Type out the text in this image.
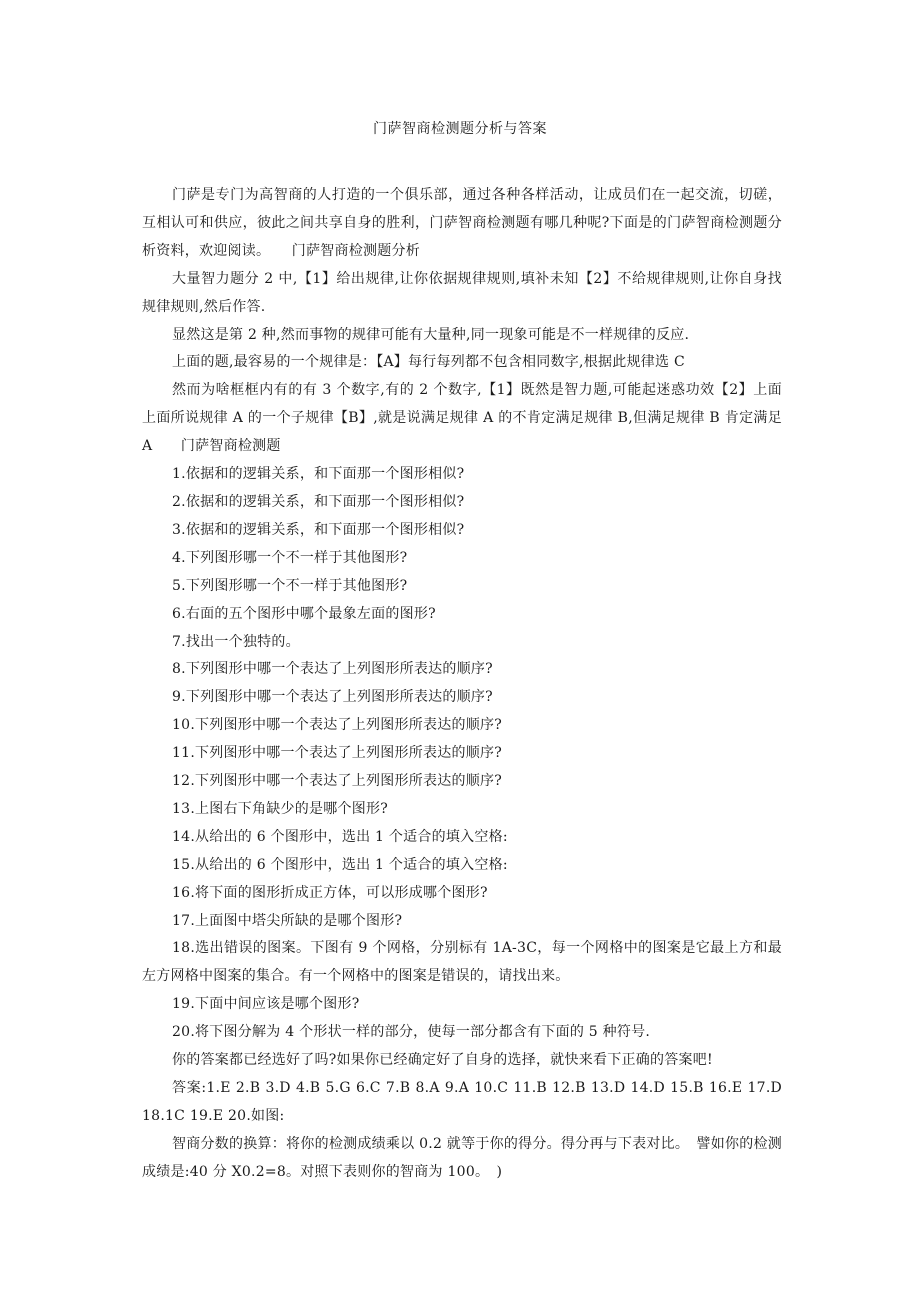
门萨智商检测题分析与答案

门萨是专门为高智商的人打造的一个俱乐部，通过各种各样活动，让成员们在一起交流，切磋，互相认可和供应，彼此之间共享自身的胜利，门萨智商检测题有哪几种呢?下面是的门萨智商检测题分析资料，欢迎阅读。　　门萨智商检测题分析

大量智力题分 2 中,【1】给出规律,让你依据规律规则,填补未知【2】不给规律规则,让你自身找规律规则,然后作答.

显然这是第 2 种,然而事物的规律可能有大量种,同一现象可能是不一样规律的反应.

上面的题,最容易的一个规律是：【A】每行每列都不包含相同数字,根据此规律选 C

然而为啥框框内有的有 3 个数字,有的 2 个数字,【1】既然是智力题,可能起迷惑功效【2】上面上面所说规律 A 的一个子规律【B】,就是说满足规律 A 的不肯定满足规律 B,但满足规律 B 肯定满足 A　　门萨智商检测题

1.依据和的逻辑关系，和下面那一个图形相似?

2.依据和的逻辑关系，和下面那一个图形相似?

3.依据和的逻辑关系，和下面那一个图形相似?

4.下列图形哪一个不一样于其他图形?

5.下列图形哪一个不一样于其他图形?

6.右面的五个图形中哪个最象左面的图形?

7.找出一个独特的。

8.下列图形中哪一个表达了上列图形所表达的顺序?

9.下列图形中哪一个表达了上列图形所表达的顺序?

10.下列图形中哪一个表达了上列图形所表达的顺序?

11.下列图形中哪一个表达了上列图形所表达的顺序?

12.下列图形中哪一个表达了上列图形所表达的顺序?

13.上图右下角缺少的是哪个图形?

14.从给出的 6 个图形中，选出 1 个适合的填入空格:

15.从给出的 6 个图形中，选出 1 个适合的填入空格:

16.将下面的图形折成正方体，可以形成哪个图形?

17.上面图中塔尖所缺的是哪个图形?

18.选出错误的图案。下图有 9 个网格，分别标有 1A-3C，每一个网格中的图案是它最上方和最左方网格中图案的集合。有一个网格中的图案是错误的，请找出来。

19.下面中间应该是哪个图形?

20.将下图分解为 4 个形状一样的部分，使每一部分都含有下面的 5 种符号.

你的答案都已经选好了吗?如果你已经确定好了自身的选择，就快来看下正确的答案吧!

答案:1.E 2.B 3.D 4.B 5.G 6.C 7.B 8.A 9.A 10.C 11.B 12.B 13.D 14.D 15.B 16.E 17.D 18.1C 19.E 20.如图:

智商分数的换算：将你的检测成绩乘以 0.2 就等于你的得分。得分再与下表对比。　譬如你的检测成绩是:40 分 X0.2=8。对照下表则你的智商为 100。　)
